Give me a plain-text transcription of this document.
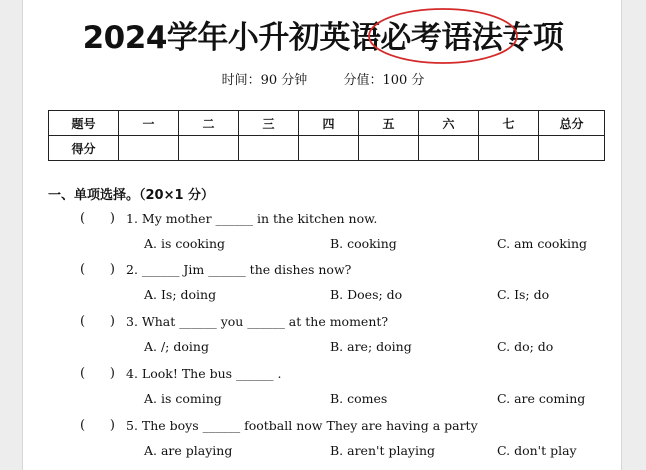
2024学年小升初英语必考语法专项
时间：90 分钟	分值：100 分
题号	一	二	三	四	五	六	七	总分
得分								
一、单项选择。（20×1 分）
(      ) 1. My mother ______ in the kitchen now.
A. is cooking	B. cooking	C. am cooking
(      ) 2. ______ Jim ______ the dishes now?
A. Is; doing	B. Does; do	C. Is; do
(      ) 3. What ______ you ______ at the moment?
A. /; doing	B. are; doing	C. do; do
(      ) 4. Look! The bus ______ .
A. is coming	B. comes	C. are coming
(      ) 5. The boys ______ football now They are having a party
A. are playing	B. aren't playing	C. don't play
